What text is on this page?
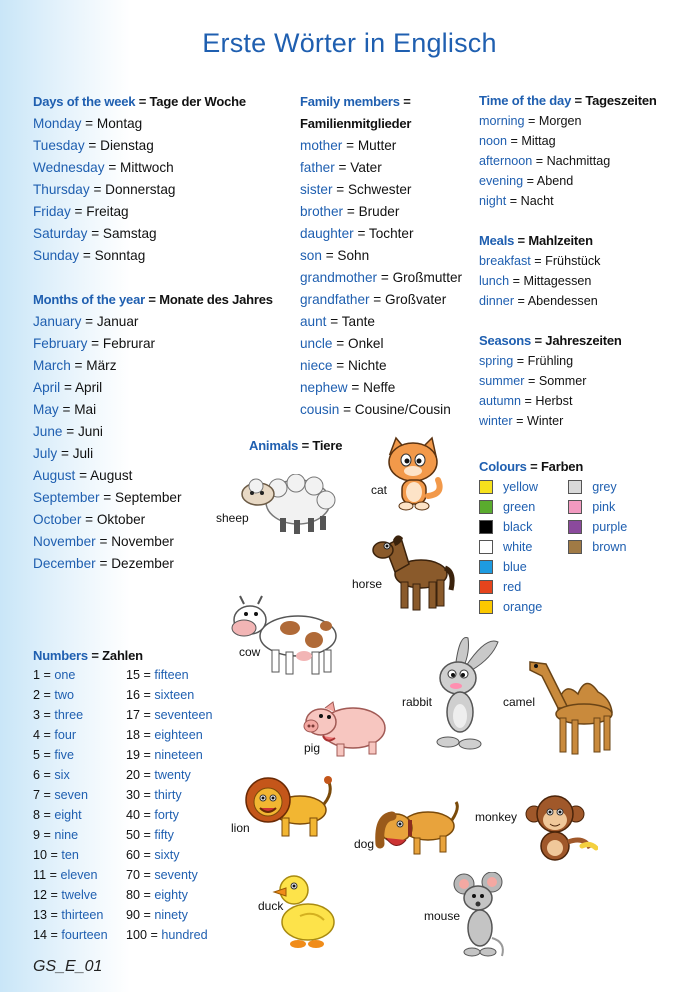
Erste Wörter in Englisch
Days of the week = Tage der Woche
Monday = Montag
Tuesday = Dienstag
Wednesday = Mittwoch
Thursday = Donnerstag
Friday = Freitag
Saturday = Samstag
Sunday = Sonntag
Months of the year = Monate des Jahres
January = Januar
February = Februrar
March = März
April = April
May = Mai
June = Juni
July = Juli
August = August
September = September
October = Oktober
November = November
December = Dezember
Family members =
Familienmitglieder
mother = Mutter
father = Vater
sister = Schwester
brother = Bruder
daughter = Tochter
son = Sohn
grandmother = Großmutter
grandfather = Großvater
aunt = Tante
uncle = Onkel
niece = Nichte
nephew = Neffe
cousin = Cousine/Cousin
Time of the day = Tageszeiten
morning = Morgen
noon = Mittag
afternoon = Nachmittag
evening = Abend
night = Nacht
Meals = Mahlzeiten
breakfast = Frühstück
lunch = Mittagessen
dinner = Abendessen
Seasons = Jahreszeiten
spring = Frühling
summer = Sommer
autumn = Herbst
winter = Winter
Colours = Farben
yellow
green
black
white
blue
red
orange
grey
pink
purple
brown
Numbers = Zahlen
1 = one
2 = two
3 = three
4 = four
5 = five
6 = six
7 = seven
8 = eight
9 = nine
10 = ten
11 = eleven
12 = twelve
13 = thirteen
14 = fourteen
15 = fifteen
16 = sixteen
17 = seventeen
18 = eighteen
19 = nineteen
20 = twenty
30 = thirty
40 = forty
50 = fifty
60 = sixty
70 = seventy
80 = eighty
90 = ninety
100 = hundred
Animals = Tiere
cat
sheep
horse
cow
rabbit	camel
pig
lion
dog
monkey
duck
mouse
GS_E_01
